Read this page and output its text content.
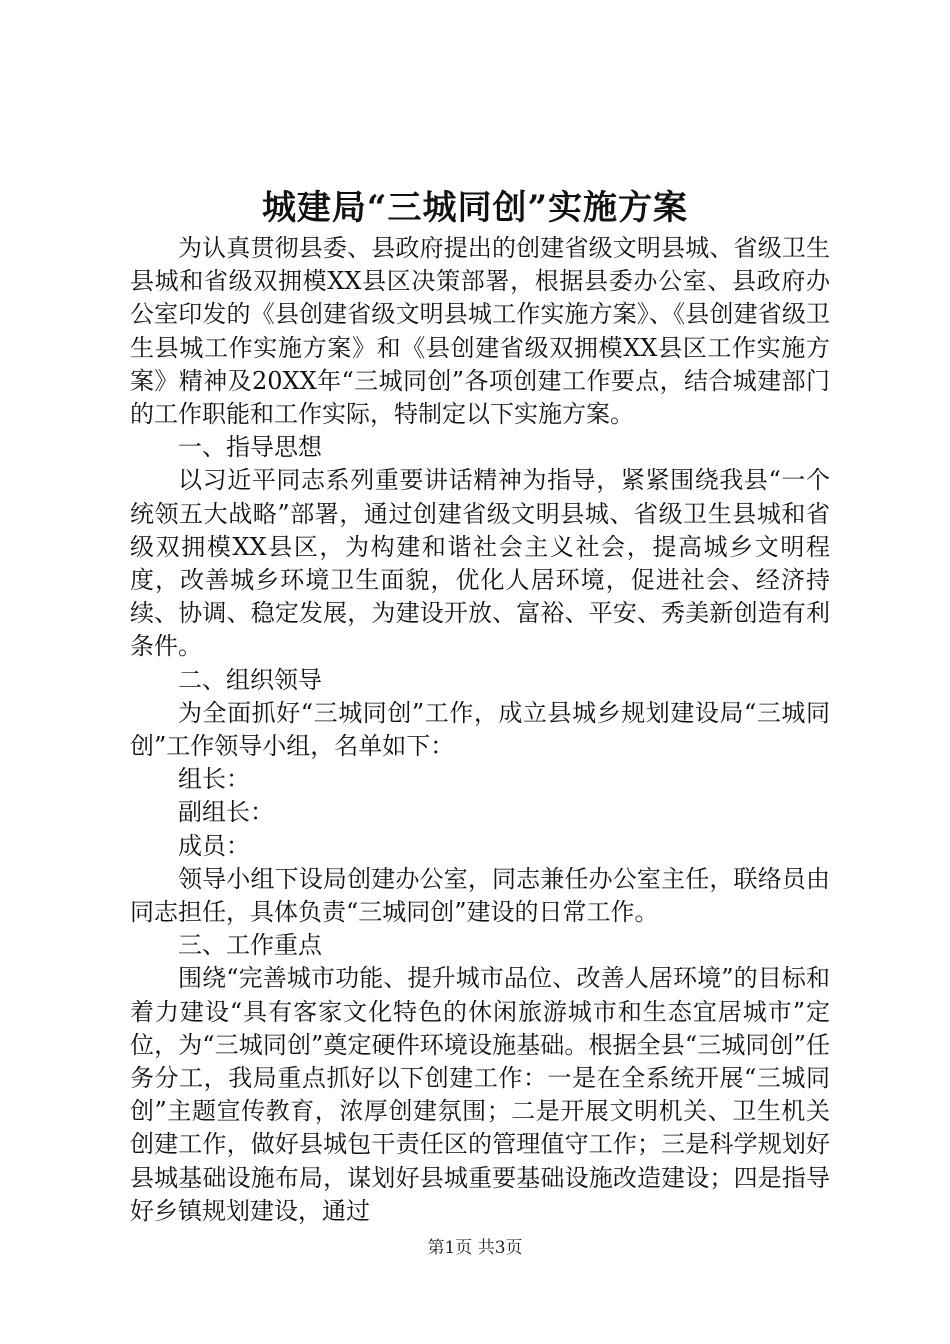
城建局“三城同创”实施方案

为认真贯彻县委、县政府提出的创建省级文明县城、省级卫生县城和省级双拥模XX县区决策部署，根据县委办公室、县政府办公室印发的《县创建省级文明县城工作实施方案》、《县创建省级卫生县城工作实施方案》和《县创建省级双拥模XX县区工作实施方案》精神及20XX年“三城同创”各项创建工作要点，结合城建部门的工作职能和工作实际，特制定以下实施方案。

一、指导思想

以习近平同志系列重要讲话精神为指导，紧紧围绕我县“一个统领五大战略”部署，通过创建省级文明县城、省级卫生县城和省级双拥模XX县区，为构建和谐社会主义社会，提高城乡文明程度，改善城乡环境卫生面貌，优化人居环境，促进社会、经济持续、协调、稳定发展，为建设开放、富裕、平安、秀美新创造有利条件。

二、组织领导

为全面抓好“三城同创”工作，成立县城乡规划建设局“三城同创”工作领导小组，名单如下：

组长：

副组长：

成员：

领导小组下设局创建办公室，同志兼任办公室主任，联络员由同志担任，具体负责“三城同创”建设的日常工作。

三、工作重点

围绕“完善城市功能、提升城市品位、改善人居环境”的目标和着力建设“具有客家文化特色的休闲旅游城市和生态宜居城市”定位，为“三城同创”奠定硬件环境设施基础。根据全县“三城同创”任务分工，我局重点抓好以下创建工作：一是在全系统开展“三城同创”主题宣传教育，浓厚创建氛围；二是开展文明机关、卫生机关创建工作，做好县城包干责任区的管理值守工作；三是科学规划好县城基础设施布局，谋划好县城重要基础设施改造建设；四是指导好乡镇规划建设，通过

第1页 共3页
